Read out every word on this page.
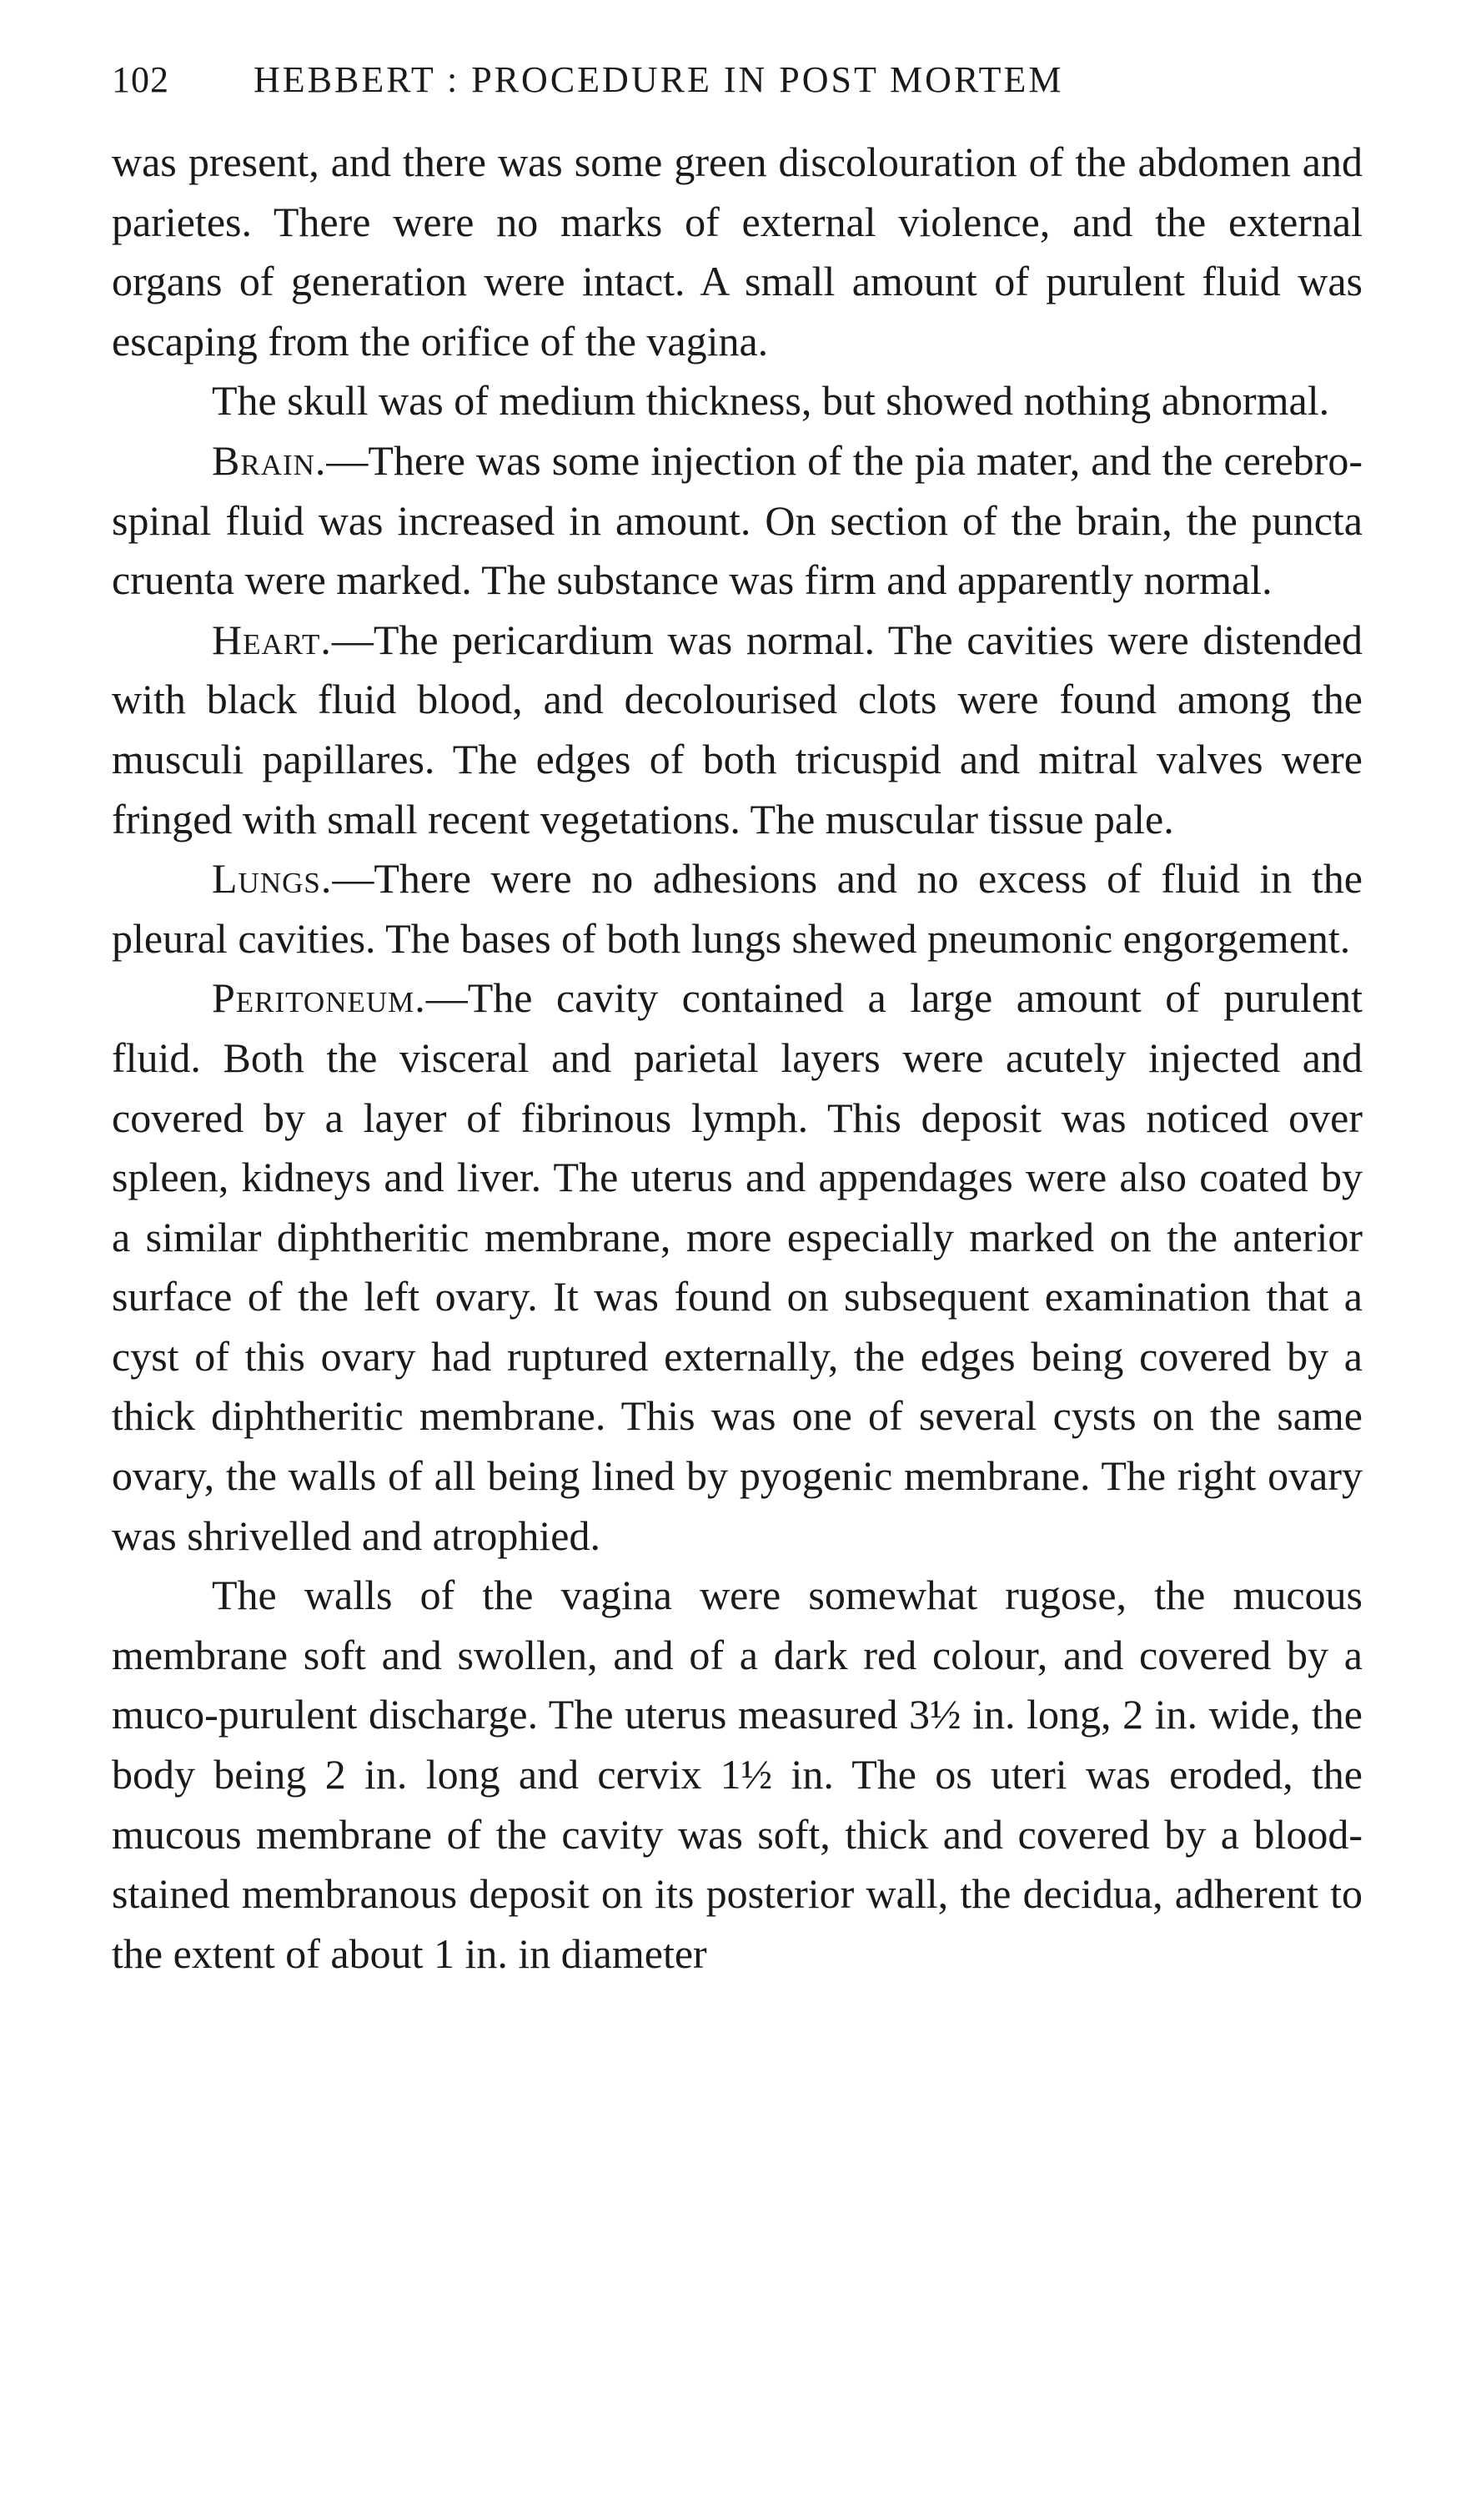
102	HEBBERT : PROCEDURE IN POST MORTEM

was present, and there was some green discolouration of the abdomen and parietes. There were no marks of external violence, and the external organs of generation were intact. A small amount of purulent fluid was escaping from the orifice of the vagina.

The skull was of medium thickness, but showed nothing abnormal.

Brain.—There was some injection of the pia mater, and the cerebro-spinal fluid was increased in amount. On section of the brain, the puncta cruenta were marked. The substance was firm and apparently normal.

Heart.—The pericardium was normal. The cavities were distended with black fluid blood, and decolourised clots were found among the musculi papillares. The edges of both tricuspid and mitral valves were fringed with small recent vegetations. The muscular tissue pale.

Lungs.—There were no adhesions and no excess of fluid in the pleural cavities. The bases of both lungs shewed pneumonic engorgement.

Peritoneum.—The cavity contained a large amount of purulent fluid. Both the visceral and parietal layers were acutely injected and covered by a layer of fibrinous lymph. This deposit was noticed over spleen, kidneys and liver. The uterus and appendages were also coated by a similar diphtheritic membrane, more especially marked on the anterior surface of the left ovary. It was found on subsequent examination that a cyst of this ovary had ruptured externally, the edges being covered by a thick diphtheritic membrane. This was one of several cysts on the same ovary, the walls of all being lined by pyogenic membrane. The right ovary was shrivelled and atrophied.

The walls of the vagina were somewhat rugose, the mucous membrane soft and swollen, and of a dark red colour, and covered by a muco-purulent discharge. The uterus measured 3½ in. long, 2 in. wide, the body being 2 in. long and cervix 1½ in. The os uteri was eroded, the mucous membrane of the cavity was soft, thick and covered by a blood-stained membranous deposit on its posterior wall, the decidua, adherent to the extent of about 1 in. in diameter
